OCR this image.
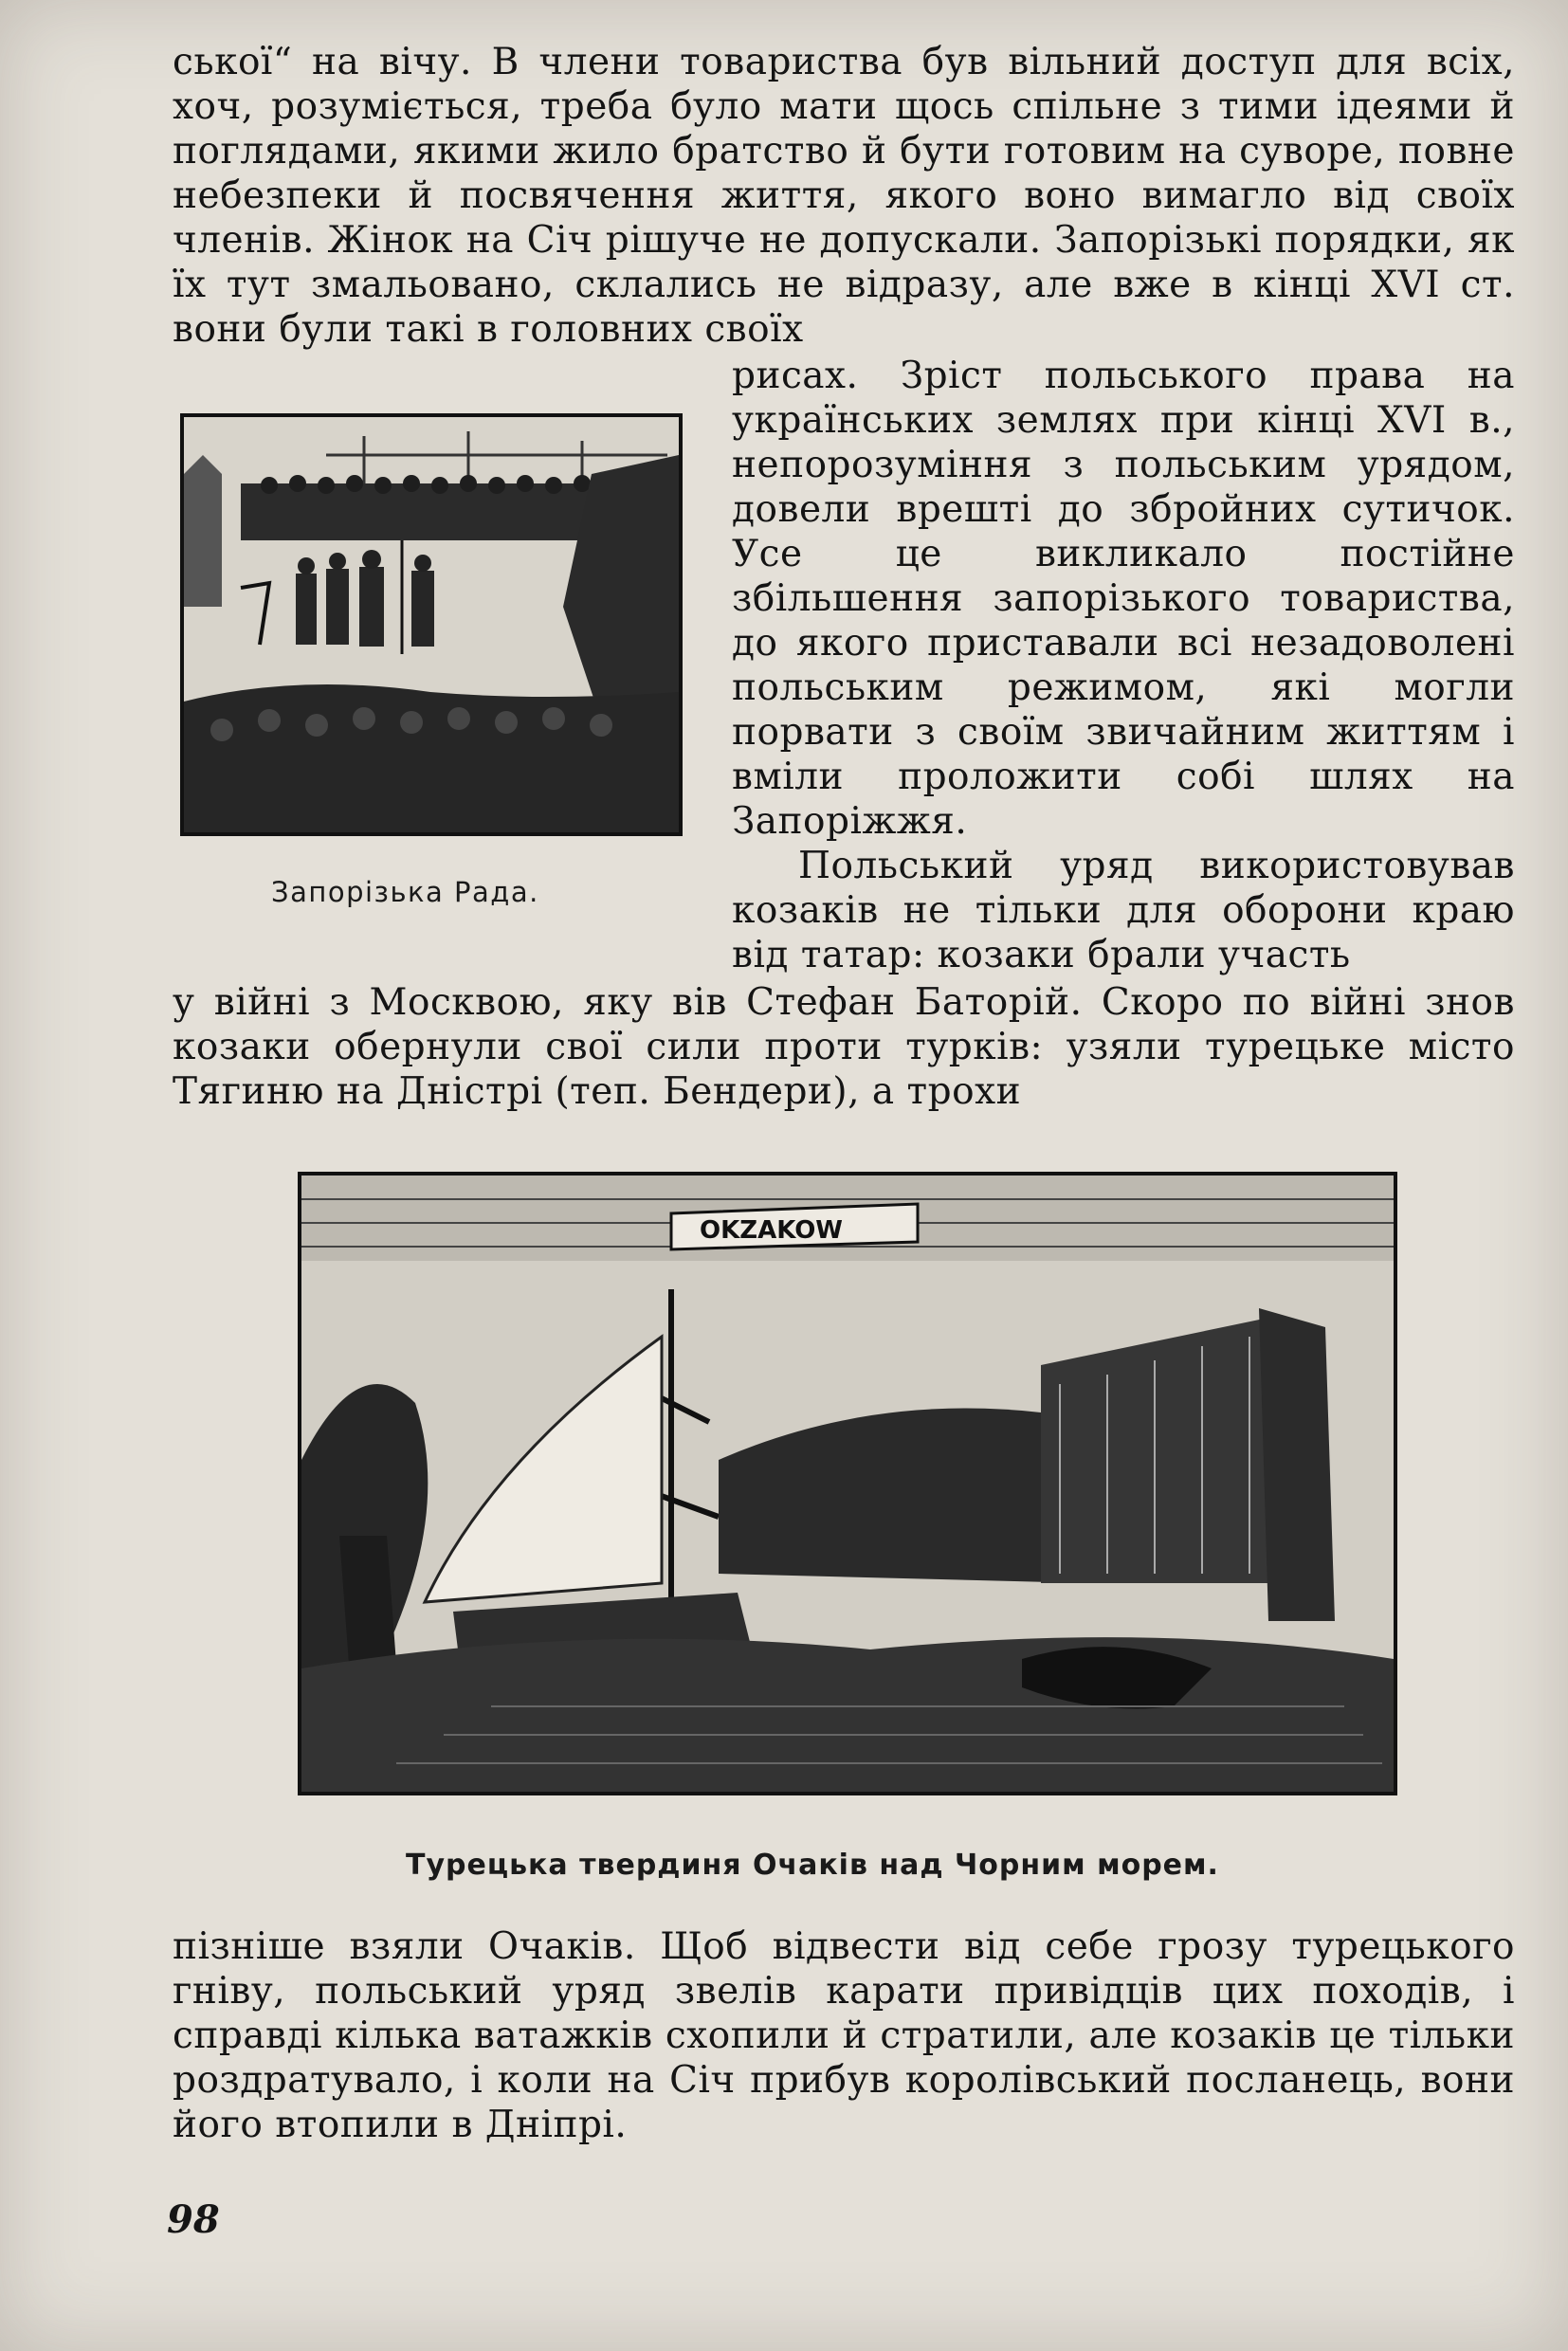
ської“ на вічу. В члени товариства був вільний доступ для всіх, хоч, розуміється, треба було мати щось спільне з тими ідеями й поглядами, якими жило братство й бути готовим на суворе, повне небезпеки й посвячення життя, якого воно вимагло від своїх членів. Жінок на Січ рішуче не допускали. Запорізькі порядки, як їх тут змальовано, склались не відразу, але вже в кінці XVI ст. вони були такі в головних своїх

Запорізька Рада.

рисах. Зріст польського права на українських землях при кінці XVI в., непорозуміння з польським урядом, довели врешті до збройних сутичок. Усе це викликало постійне збільшення запорізького товариства, до якого приставали всі незадоволені польським режимом, які могли порвати з своїм звичайним життям і вміли проложити собі шлях на Запоріжжя.

Польський уряд використовував козаків не тільки для оборони краю від татар: козаки брали участь

у війні з Москвою, яку вів Стефан Баторій. Скоро по війні знов козаки обернули свої сили проти турків: узяли турецьке місто Тягиню на Дністрі (теп. Бендери), а трохи

OKZAKOW
Турецька твердиня Очаків над Чорним морем.

пізніше взяли Очаків. Щоб відвести від себе грозу турецького гніву, польський уряд звелів карати привідців цих походів, і справді кілька ватажків схопили й стратили, але козаків це тільки роздратувало, і коли на Січ прибув королівський посланець, вони його втопили в Дніпрі.

98
